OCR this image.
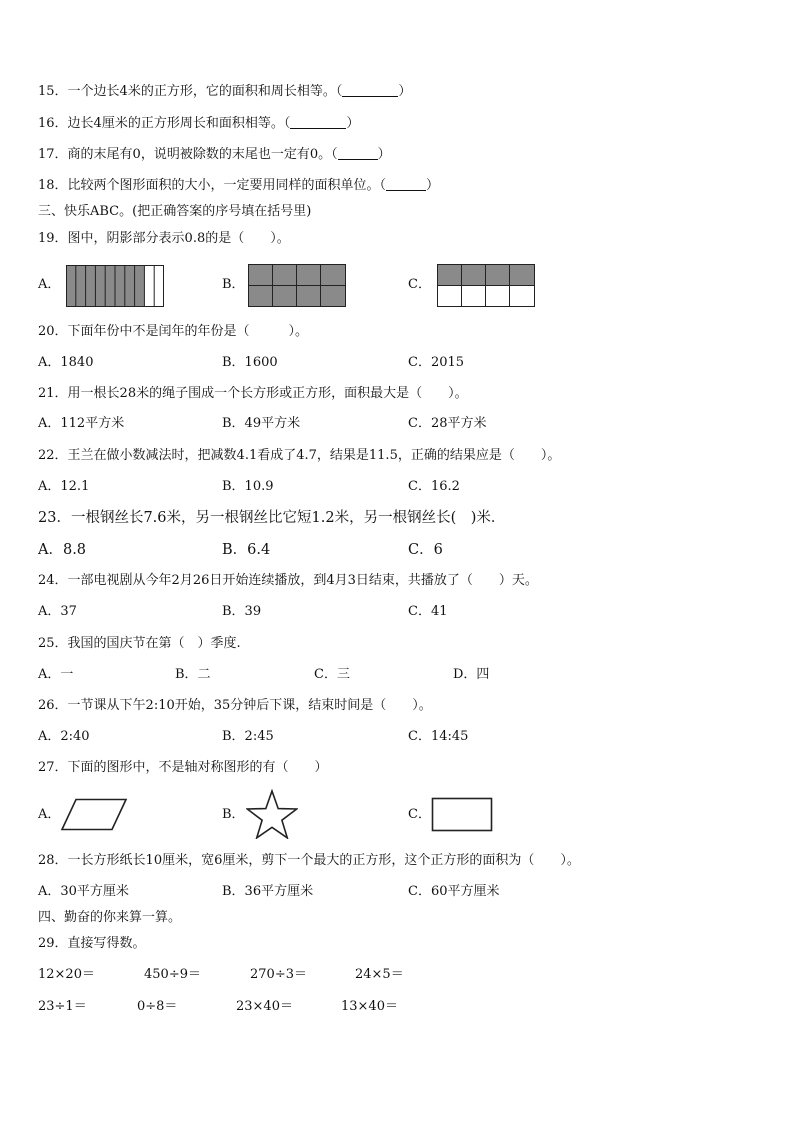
15．一个边长4米的正方形，它的面积和周长相等。（	）
16．边长4厘米的正方形周长和面积相等。（	）
17．商的末尾有0，说明被除数的末尾也一定有0。（	）
18．比较两个图形面积的大小，一定要用同样的面积单位。（	）
三、快乐ABC。(把正确答案的序号填在括号里)
19．图中，阴影部分表示0.8的是（　　）。
A．	B．	C．
20．下面年份中不是闰年的年份是（　　　）。
A．1840	B．1600	C．2015
21．用一根长28米的绳子围成一个长方形或正方形，面积最大是（　　）。
A．112平方米	B．49平方米	C．28平方米
22．王兰在做小数减法时，把减数4.1看成了4.7，结果是11.5，正确的结果应是（　　）。
A．12.1	B．10.9	C．16.2
23．一根钢丝长7.6米，另一根钢丝比它短1.2米，另一根钢丝长(　)米．
A．8.8	B．6.4	C．6
24．一部电视剧从今年2月26日开始连续播放，到4月3日结束，共播放了（　　）天。
A．37	B．39	C．41
25．我国的国庆节在第（　）季度.
A．一	B．二	C．三	D．四
26．一节课从下午2:10开始，35分钟后下课，结束时间是（　　）。
A．2:40	B．2:45	C．14:45
27．下面的图形中，不是轴对称图形的有（　　）
A．	B．	C．
28．一长方形纸长10厘米，宽6厘米，剪下一个最大的正方形，这个正方形的面积为（　　）。
A．30平方厘米	B．36平方厘米	C．60平方厘米
四、勤奋的你来算一算。
29．直接写得数。
12×20＝	450÷9＝	270÷3＝	24×5＝
23÷1＝	0÷8＝	23×40＝	13×40＝
